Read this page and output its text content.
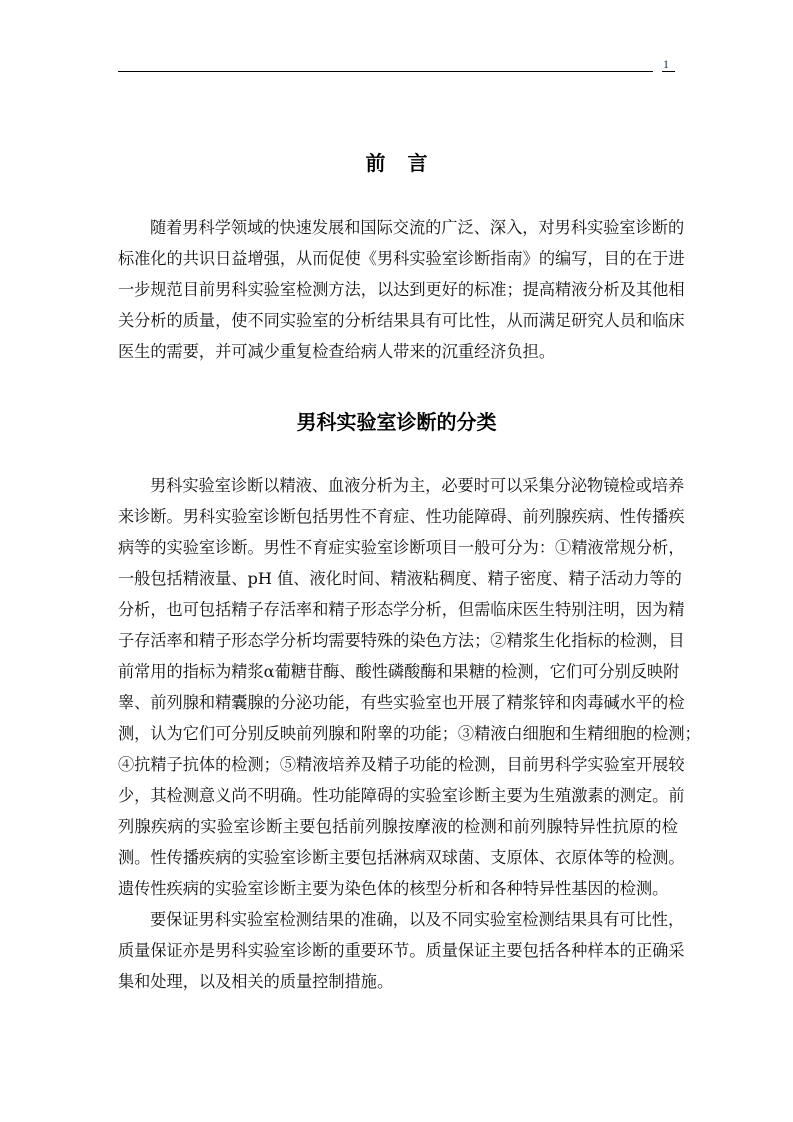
1
前言
随着男科学领域的快速发展和国际交流的广泛、深入，对男科实验室诊断的
标准化的共识日益增强，从而促使《男科实验室诊断指南》的编写，目的在于进
一步规范目前男科实验室检测方法，以达到更好的标准；提高精液分析及其他相
关分析的质量，使不同实验室的分析结果具有可比性，从而满足研究人员和临床
医生的需要，并可减少重复检查给病人带来的沉重经济负担。
男科实验室诊断的分类
男科实验室诊断以精液、血液分析为主，必要时可以采集分泌物镜检或培养
来诊断。男科实验室诊断包括男性不育症、性功能障碍、前列腺疾病、性传播疾
病等的实验室诊断。男性不育症实验室诊断项目一般可分为：①精液常规分析，
一般包括精液量、pH 值、液化时间、精液粘稠度、精子密度、精子活动力等的
分析，也可包括精子存活率和精子形态学分析，但需临床医生特别注明，因为精
子存活率和精子形态学分析均需要特殊的染色方法；②精浆生化指标的检测，目
前常用的指标为精浆α葡糖苷酶、酸性磷酸酶和果糖的检测，它们可分别反映附
睾、前列腺和精囊腺的分泌功能，有些实验室也开展了精浆锌和肉毒碱水平的检
测，认为它们可分别反映前列腺和附睾的功能；③精液白细胞和生精细胞的检测；
④抗精子抗体的检测；⑤精液培养及精子功能的检测，目前男科学实验室开展较
少，其检测意义尚不明确。性功能障碍的实验室诊断主要为生殖激素的测定。前
列腺疾病的实验室诊断主要包括前列腺按摩液的检测和前列腺特异性抗原的检
测。性传播疾病的实验室诊断主要包括淋病双球菌、支原体、衣原体等的检测。
遗传性疾病的实验室诊断主要为染色体的核型分析和各种特异性基因的检测。
要保证男科实验室检测结果的准确，以及不同实验室检测结果具有可比性，
质量保证亦是男科实验室诊断的重要环节。质量保证主要包括各种样本的正确采
集和处理，以及相关的质量控制措施。
